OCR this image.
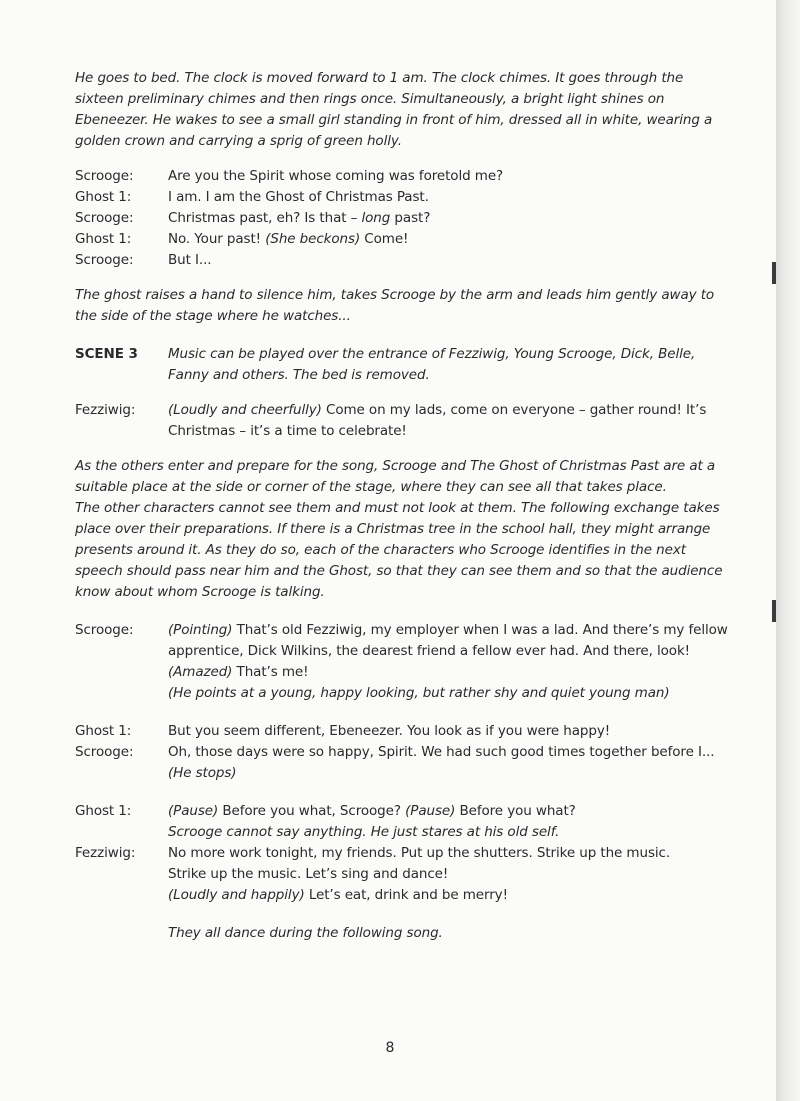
He goes to bed. The clock is moved forward to 1 am. The clock chimes. It goes through the
sixteen preliminary chimes and then rings once. Simultaneously, a bright light shines on
Ebeneezer. He wakes to see a small girl standing in front of him, dressed all in white, wearing a
golden crown and carrying a sprig of green holly.
Scrooge:	Are you the Spirit whose coming was foretold me?
Ghost 1:	I am. I am the Ghost of Christmas Past.
Scrooge:	Christmas past, eh? Is that – long past?
Ghost 1:	No. Your past! (She beckons) Come!
Scrooge:	But I...
The ghost raises a hand to silence him, takes Scrooge by the arm and leads him gently away to
the side of the stage where he watches...
SCENE 3	Music can be played over the entrance of Fezziwig, Young Scrooge, Dick, Belle,
Fanny and others. The bed is removed.
Fezziwig:	(Loudly and cheerfully) Come on my lads, come on everyone – gather round! It’s
Christmas – it’s a time to celebrate!
As the others enter and prepare for the song, Scrooge and The Ghost of Christmas Past are at a
suitable place at the side or corner of the stage, where they can see all that takes place.
The other characters cannot see them and must not look at them. The following exchange takes
place over their preparations. If there is a Christmas tree in the school hall, they might arrange
presents around it. As they do so, each of the characters who Scrooge identifies in the next
speech should pass near him and the Ghost, so that they can see them and so that the audience
know about whom Scrooge is talking.
Scrooge:	(Pointing) That’s old Fezziwig, my employer when I was a lad. And there’s my fellow
apprentice, Dick Wilkins, the dearest friend a fellow ever had. And there, look!
(Amazed) That’s me!
(He points at a young, happy looking, but rather shy and quiet young man)
Ghost 1:	But you seem different, Ebeneezer. You look as if you were happy!
Scrooge:	Oh, those days were so happy, Spirit. We had such good times together before I...
(He stops)
Ghost 1:	(Pause) Before you what, Scrooge? (Pause) Before you what?
Scrooge cannot say anything. He just stares at his old self.
Fezziwig:	No more work tonight, my friends. Put up the shutters. Strike up the music.
Strike up the music. Let’s sing and dance!
(Loudly and happily) Let’s eat, drink and be merry!
They all dance during the following song.
8
